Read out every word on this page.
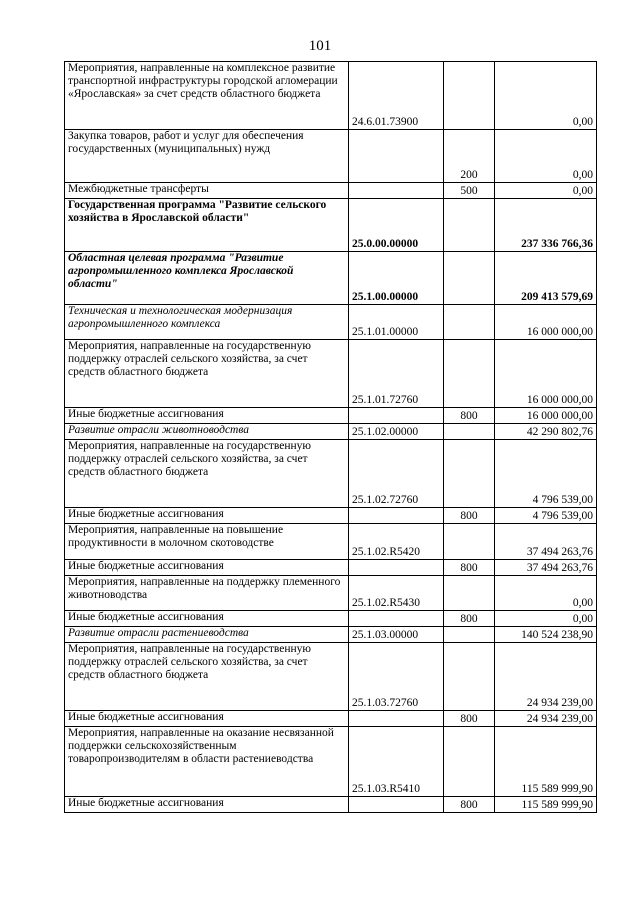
101
Мероприятия, направленные на комплексное развитие транспортной инфраструктуры городской агломерации «Ярославская» за счет средств областного бюджета	24.6.01.73900		0,00
Закупка товаров, работ и услуг для обеспечения государственных (муниципальных) нужд		200	0,00
Межбюджетные трансферты		500	0,00
Государственная программа "Развитие сельского хозяйства в Ярославской области"	25.0.00.00000		237 336 766,36
Областная целевая программа "Развитие агропромышленного комплекса Ярославской области"	25.1.00.00000		209 413 579,69
Техническая и технологическая модернизация агропромышленного комплекса	25.1.01.00000		16 000 000,00
Мероприятия, направленные на государственную поддержку отраслей сельского хозяйства, за счет средств областного бюджета	25.1.01.72760		16 000 000,00
Иные бюджетные ассигнования		800	16 000 000,00
Развитие отрасли животноводства	25.1.02.00000		42 290 802,76
Мероприятия, направленные на государственную поддержку отраслей сельского хозяйства, за счет средств областного бюджета	25.1.02.72760		4 796 539,00
Иные бюджетные ассигнования		800	4 796 539,00
Мероприятия, направленные на повышение продуктивности в молочном скотоводстве	25.1.02.R5420		37 494 263,76
Иные бюджетные ассигнования		800	37 494 263,76
Мероприятия, направленные на поддержку племенного животноводства	25.1.02.R5430		0,00
Иные бюджетные ассигнования		800	0,00
Развитие отрасли растениеводства	25.1.03.00000		140 524 238,90
Мероприятия, направленные на государственную поддержку отраслей сельского хозяйства, за счет средств областного бюджета	25.1.03.72760		24 934 239,00
Иные бюджетные ассигнования		800	24 934 239,00
Мероприятия, направленные на оказание несвязанной поддержки сельскохозяйственным товаропроизводителям в области растениеводства	25.1.03.R5410		115 589 999,90
Иные бюджетные ассигнования		800	115 589 999,90
